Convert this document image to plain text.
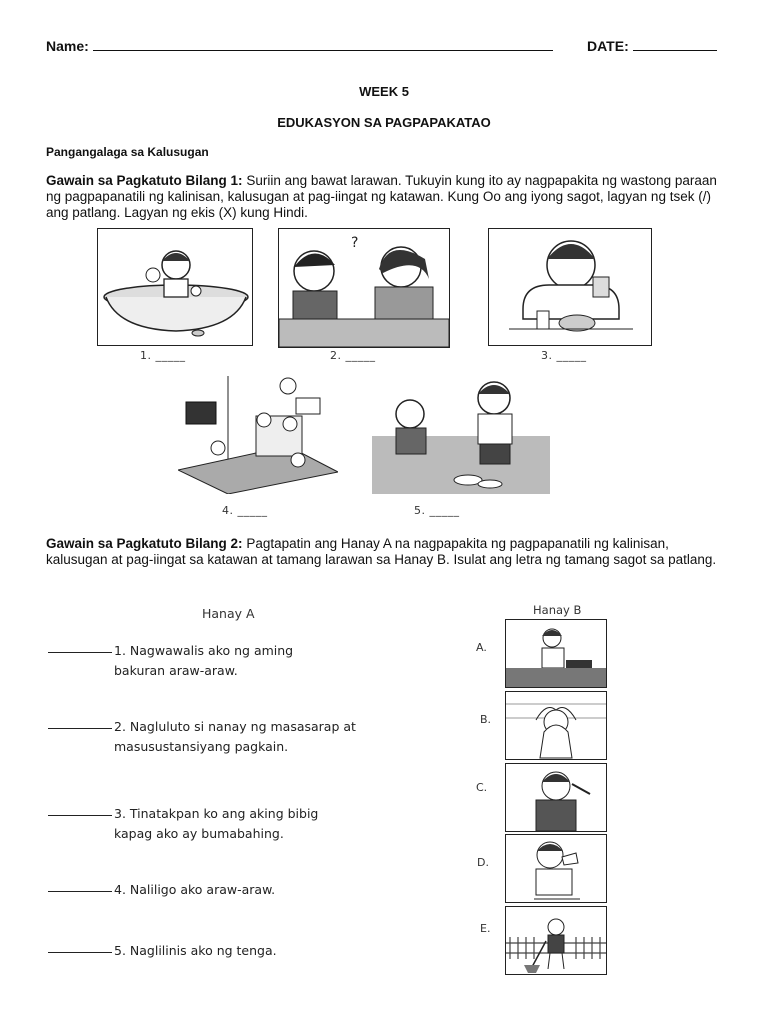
Name:	DATE:
WEEK 5
EDUKASYON SA PAGPAPAKATAO
Pangangalaga sa Kalusugan
Gawain sa Pagkatuto Bilang 1: Suriin ang bawat larawan. Tukuyin kung ito ay nagpapakita ng wastong paraan ng pagpapanatili ng kalinisan, kalusugan at pag-iingat ng katawan. Kung Oo ang iyong sagot, lagyan ng tsek (/) ang patlang. Lagyan ng ekis (X) kung Hindi.
1. _____
?
2. _____	3. _____
4. _____	5. _____
Gawain sa Pagkatuto Bilang 2: Pagtapatin ang Hanay A na nagpapakita ng pagpapanatili ng kalinisan, kalusugan at pag-iingat sa katawan at tamang larawan sa Hanay B. Isulat ang letra ng tamang sagot sa patlang.
Hanay A	Hanay B
1. Nagwawalis ako ng aming
bakuran araw-araw.
2. Nagluluto si nanay ng masasarap at
masusustansiyang pagkain.
3. Tinatakpan ko ang aking bibig
kapag ako ay bumabahing.
4. Naliligo ako araw-araw.
5. Naglilinis ako ng tenga.
A.
B.
C.
D.
E.
